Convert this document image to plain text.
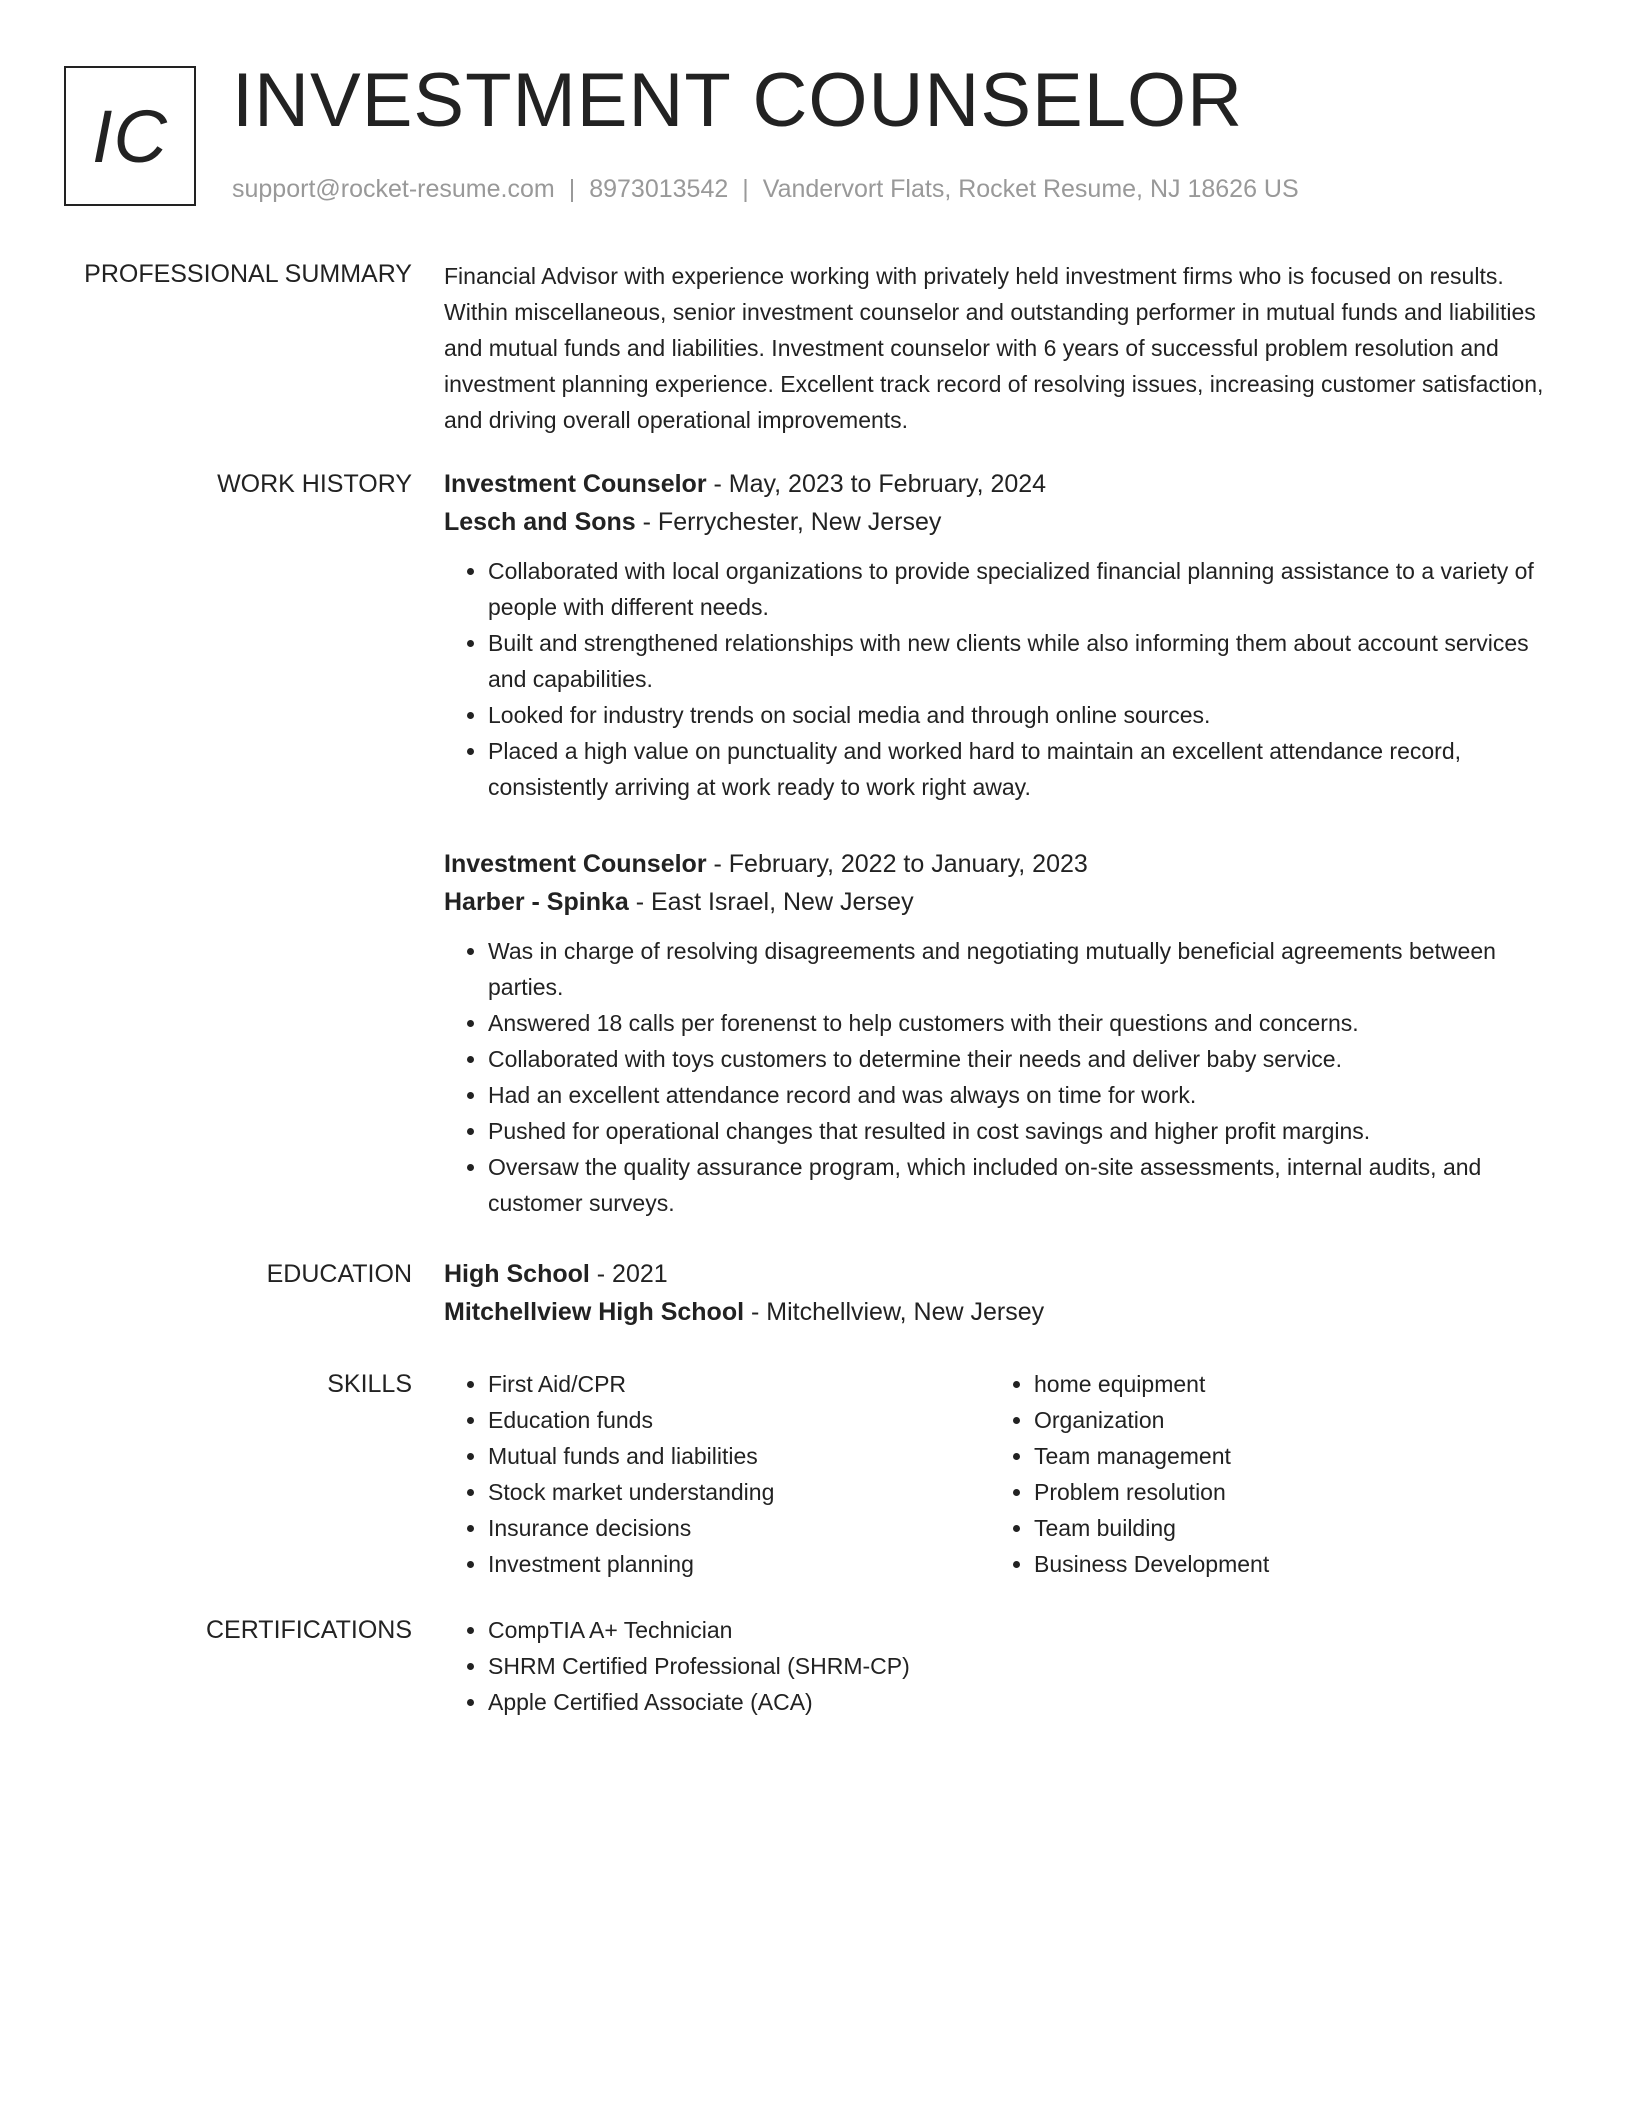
IC INVESTMENT COUNSELOR
support@rocket-resume.com | 8973013542 | Vandervort Flats, Rocket Resume, NJ 18626 US
PROFESSIONAL SUMMARY Financial Advisor with experience working with privately held investment firms who is focused on results. Within miscellaneous, senior investment counselor and outstanding performer in mutual funds and liabilities and mutual funds and liabilities. Investment counselor with 6 years of successful problem resolution and investment planning experience. Excellent track record of resolving issues, increasing customer satisfaction, and driving overall operational improvements.

WORK HISTORY Investment Counselor - May, 2023 to February, 2024

Lesch and Sons - Ferrychester, New Jersey

• Collaborated with local organizations to provide specialized financial planning assistance to a variety of people with different needs.
• Built and strengthened relationships with new clients while also informing them about account services and capabilities.
• Looked for industry trends on social media and through online sources.
• Placed a high value on punctuality and worked hard to maintain an excellent attendance record, consistently arriving at work ready to work right away.

Investment Counselor - February, 2022 to January, 2023

Harber - Spinka - East Israel, New Jersey

• Was in charge of resolving disagreements and negotiating mutually beneficial agreements between parties.
• Answered 18 calls per forenenst to help customers with their questions and concerns.
• Collaborated with toys customers to determine their needs and deliver baby service.
• Had an excellent attendance record and was always on time for work.
• Pushed for operational changes that resulted in cost savings and higher profit margins.
• Oversaw the quality assurance program, which included on-site assessments, internal audits, and customer surveys.
EDUCATION High School - 2021

Mitchellview High School - Mitchellview, New Jersey

SKILLS	• First Aid/CPR
• Education funds
• Mutual funds and liabilities
• Stock market understanding
• Insurance decisions
• Investment planning
• home equipment
• Organization
• Team management
• Problem resolution
• Team building
• Business Development
CERTIFICATIONS	• CompTIA A+ Technician
• SHRM Certified Professional (SHRM-CP)
• Apple Certified Associate (ACA)
